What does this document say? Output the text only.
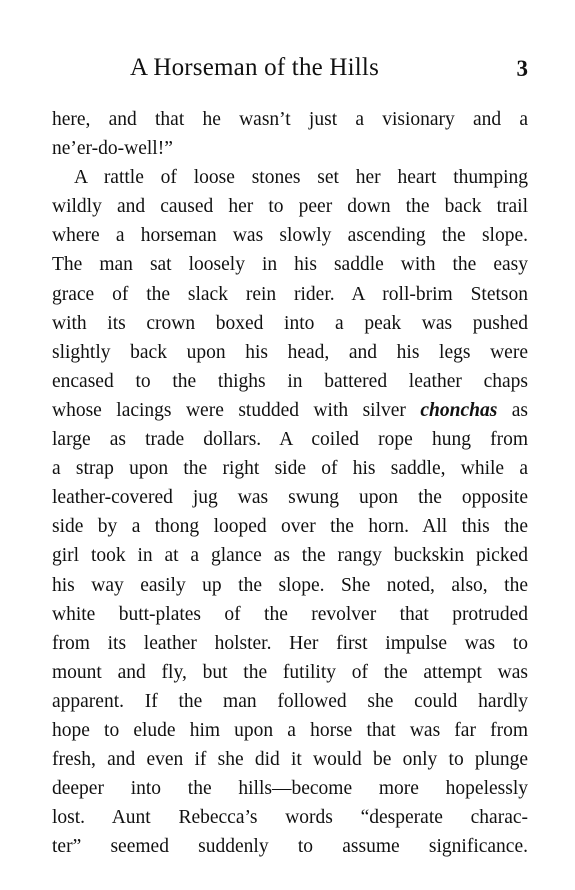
A Horseman of the Hills	3
here, and that he wasn’t just a visionary and a
ne’er-do-well!”
A rattle of loose stones set her heart thumping
wildly and caused her to peer down the back trail
where a horseman was slowly ascending the slope.
The man sat loosely in his saddle with the easy
grace of the slack rein rider. A roll-brim Stetson
with its crown boxed into a peak was pushed
slightly back upon his head, and his legs were
encased to the thighs in battered leather chaps
whose lacings were studded with silver chonchas as
large as trade dollars. A coiled rope hung from
a strap upon the right side of his saddle, while a
leather-covered jug was swung upon the opposite
side by a thong looped over the horn. All this the
girl took in at a glance as the rangy buckskin picked
his way easily up the slope. She noted, also, the
white butt-plates of the revolver that protruded
from its leather holster. Her first impulse was to
mount and fly, but the futility of the attempt was
apparent. If the man followed she could hardly
hope to elude him upon a horse that was far from
fresh, and even if she did it would be only to plunge
deeper into the hills—become more hopelessly
lost. Aunt Rebecca’s words “desperate charac-
ter” seemed suddenly to assume significance.
